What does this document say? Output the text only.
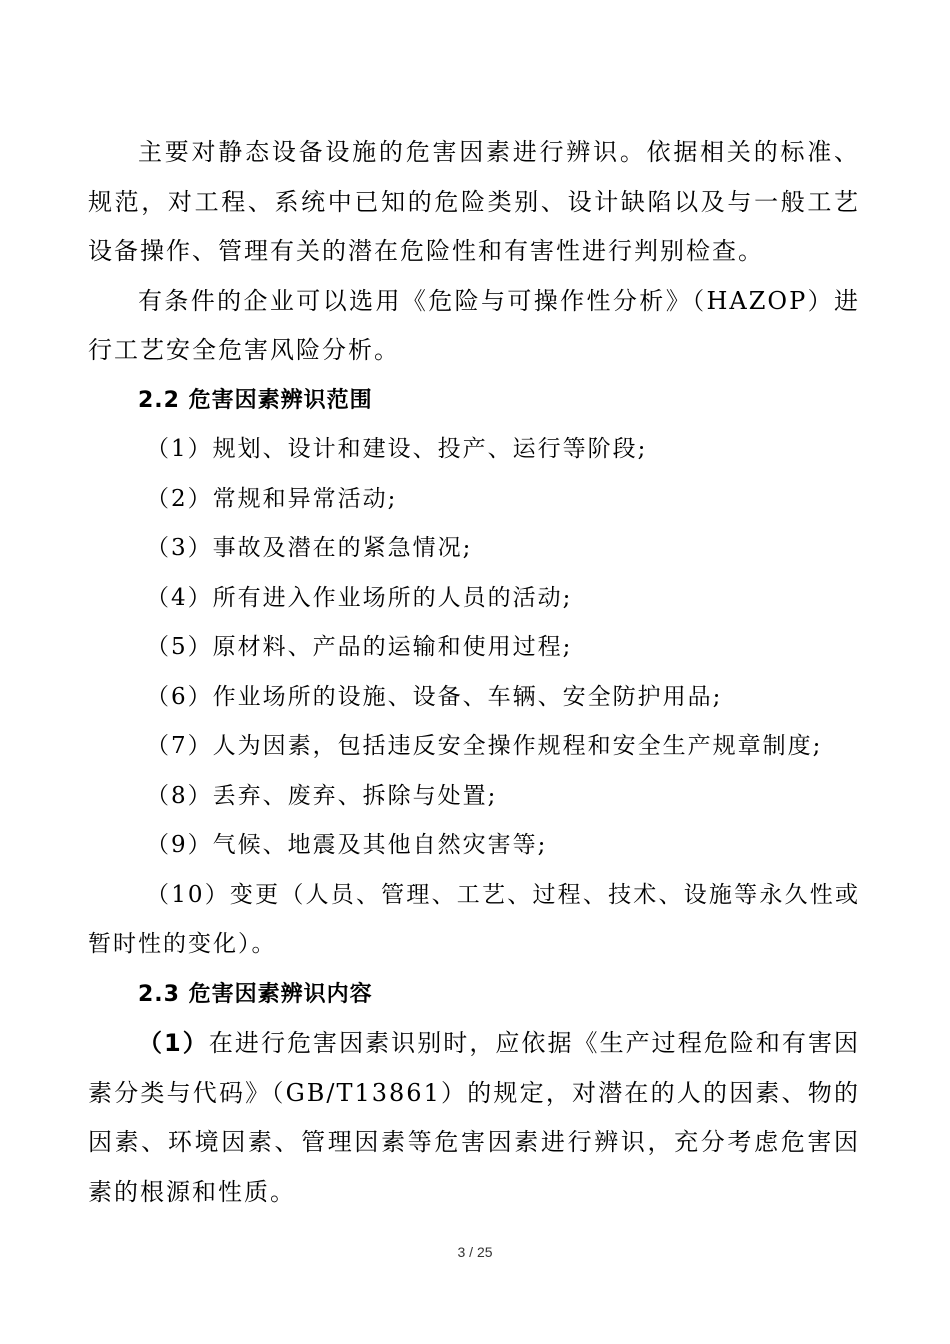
主要对静态设备设施的危害因素进行辨识。依据相关的标准、规范，对工程、系统中已知的危险类别、设计缺陷以及与一般工艺设备操作、管理有关的潜在危险性和有害性进行判别检查。

有条件的企业可以选用《危险与可操作性分析》（HAZOP）进行工艺安全危害风险分析。

2.2 危害因素辨识范围

（1）规划、设计和建设、投产、运行等阶段;

（2）常规和异常活动;

（3）事故及潜在的紧急情况;

（4）所有进入作业场所的人员的活动;

（5）原材料、产品的运输和使用过程;

（6）作业场所的设施、设备、车辆、安全防护用品;

（7）人为因素，包括违反安全操作规程和安全生产规章制度;

（8）丢弃、废弃、拆除与处置;

（9）气候、地震及其他自然灾害等;

（10）变更（人员、管理、工艺、过程、技术、设施等永久性或暂时性的变化）。

2.3 危害因素辨识内容

（1）在进行危害因素识别时，应依据《生产过程危险和有害因素分类与代码》（GB/T13861）的规定，对潜在的人的因素、物的因素、环境因素、管理因素等危害因素进行辨识，充分考虑危害因素的根源和性质。

3 / 25
